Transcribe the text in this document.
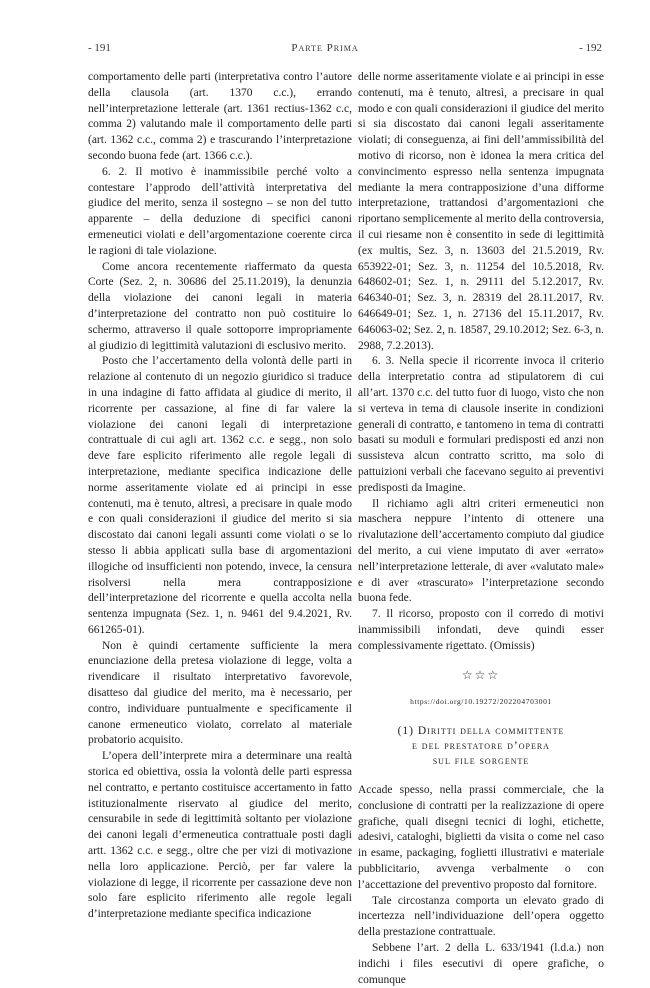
- 191	Parte Prima	- 192

comportamento delle parti (interpretativa contro l’autore della clausola (art. 1370 c.c.), errando nell’interpretazione letterale (art. 1361 rectius-1362 c.c, comma 2) valutando male il comportamento delle parti (art. 1362 c.c., comma 2) e trascurando l’interpretazione secondo buona fede (art. 1366 c.c.).

6. 2. Il motivo è inammissibile perché volto a contestare l’approdo dell’attività interpretativa del giudice del merito, senza il sostegno – se non del tutto apparente – della deduzione di specifici canoni ermeneutici violati e dell’argomentazione coerente circa le ragioni di tale violazione.

Come ancora recentemente riaffermato da questa Corte (Sez. 2, n. 30686 del 25.11.2019), la denunzia della violazione dei canoni legali in materia d’interpretazione del contratto non può costituire lo schermo, attraverso il quale sottoporre impropriamente al giudizio di legittimità valutazioni di esclusivo merito.

Posto che l’accertamento della volontà delle parti in relazione al contenuto di un negozio giuridico si traduce in una indagine di fatto affidata al giudice di merito, il ricorrente per cassazione, al fine di far valere la violazione dei canoni legali di interpretazione contrattuale di cui agli art. 1362 c.c. e segg., non solo deve fare esplicito riferimento alle regole legali di interpretazione, mediante specifica indicazione delle norme asseritamente violate ed ai principi in esse contenuti, ma è tenuto, altresì, a precisare in quale modo e con quali considerazioni il giudice del merito si sia discostato dai canoni legali assunti come violati o se lo stesso li abbia applicati sulla base di argomentazioni illogiche od insufficienti non potendo, invece, la censura risolversi nella mera contrapposizione dell’interpretazione del ricorrente e quella accolta nella sentenza impugnata (Sez. 1, n. 9461 del 9.4.2021, Rv. 661265-01).

Non è quindi certamente sufficiente la mera enunciazione della pretesa violazione di legge, volta a rivendicare il risultato interpretativo favorevole, disatteso dal giudice del merito, ma è necessario, per contro, individuare puntualmente e specificamente il canone ermeneutico violato, correlato al materiale probatorio acquisito.

L’opera dell’interprete mira a determinare una realtà storica ed obiettiva, ossia la volontà delle parti espressa nel contratto, e pertanto costituisce accertamento in fatto istituzionalmente riservato al giudice del merito, censurabile in sede di legittimità soltanto per violazione dei canoni legali d’ermeneutica contrattuale posti dagli artt. 1362 c.c. e segg., oltre che per vizi di motivazione nella loro applicazione. Perciò, per far valere la violazione di legge, il ricorrente per cassazione deve non solo fare esplicito riferimento alle regole legali d’interpretazione mediante specifica indicazione

delle norme asseritamente violate e ai principi in esse contenuti, ma è tenuto, altresì, a precisare in qual modo e con quali considerazioni il giudice del merito si sia discostato dai canoni legali asseritamente violati; di conseguenza, ai fini dell’ammissibilità del motivo di ricorso, non è idonea la mera critica del convincimento espresso nella sentenza impugnata mediante la mera contrapposizione d’una difforme interpretazione, trattandosi d’argomentazioni che riportano semplicemente al merito della controversia, il cui riesame non è consentito in sede di legittimità (ex multis, Sez. 3, n. 13603 del 21.5.2019, Rv. 653922-01; Sez. 3, n. 11254 del 10.5.2018, Rv. 648602-01; Sez. 1, n. 29111 del 5.12.2017, Rv. 646340-01; Sez. 3, n. 28319 del 28.11.2017, Rv. 646649-01; Sez. 1, n. 27136 del 15.11.2017, Rv. 646063-02; Sez. 2, n. 18587, 29.10.2012; Sez. 6-3, n. 2988, 7.2.2013).

6. 3. Nella specie il ricorrente invoca il criterio della interpretatio contra ad stipulatorem di cui all’art. 1370 c.c. del tutto fuor di luogo, visto che non si verteva in tema di clausole inserite in condizioni generali di contratto, e tantomeno in tema di contratti basati su moduli e formulari predisposti ed anzi non sussisteva alcun contratto scritto, ma solo di pattuizioni verbali che facevano seguito ai preventivi predisposti da Imagine.

Il richiamo agli altri criteri ermeneutici non maschera neppure l’intento di ottenere una rivalutazione dell’accertamento compiuto dal giudice del merito, a cui viene imputato di aver «errato» nell’interpretazione letterale, di aver «valutato male» e di aver «trascurato» l’interpretazione secondo buona fede.

7. Il ricorso, proposto con il corredo di motivi inammissibili infondati, deve quindi esser complessivamente rigettato. (Omissis)

☆☆☆
https://doi.org/10.19272/202204703001

(1) Diritti della committente

e del prestatore d’opera

sul file sorgente

Accade spesso, nella prassi commerciale, che la conclusione di contratti per la realizzazione di opere grafiche, quali disegni tecnici di loghi, etichette, adesivi, cataloghi, biglietti da visita o come nel caso in esame, packaging, foglietti illustrativi e materiale pubblicitario, avvenga verbalmente o con l’accettazione del preventivo proposto dal fornitore.

Tale circostanza comporta un elevato grado di incertezza nell’individuazione dell’opera oggetto della prestazione contrattuale.

Sebbene l’art. 2 della L. 633/1941 (l.d.a.) non indichi i files esecutivi di opere grafiche, o comunque
